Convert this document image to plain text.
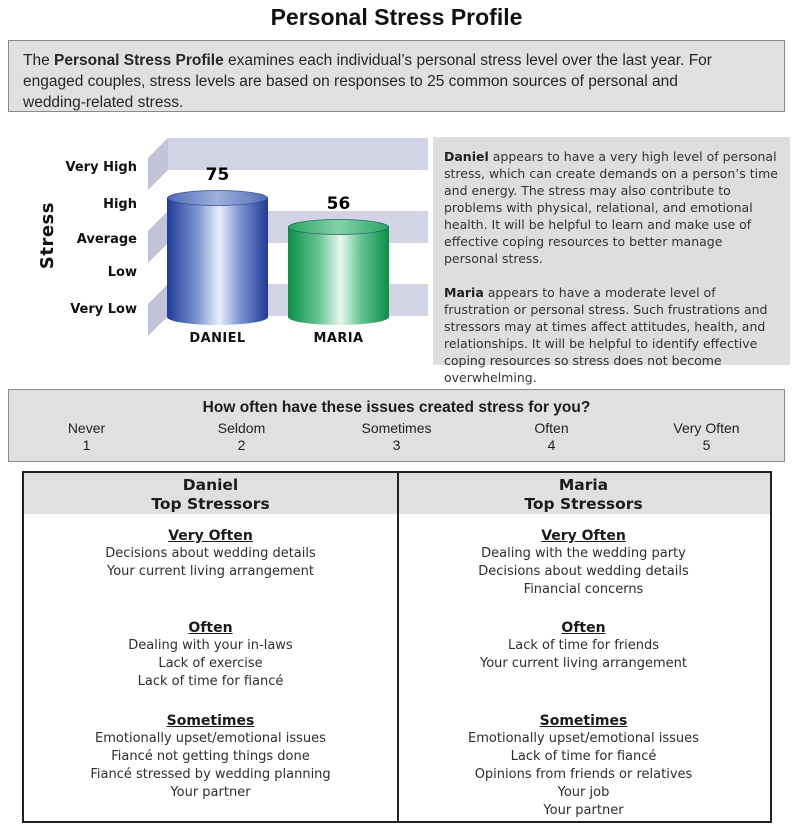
Personal Stress Profile

The Personal Stress Profile examines each individual’s personal stress level over the last year. For engaged couples, stress levels are based on responses to 25 common sources of personal and wedding-related stress.

Stress
Very High
High
Average
Low
Very Low
75
DANIEL
56
MARIA

Daniel appears to have a very high level of personal stress, which can create demands on a person’s time and energy. The stress may also contribute to problems with physical, relational, and emotional health. It will be helpful to learn and make use of effective coping resources to better manage personal stress.

Maria appears to have a moderate level of frustration or personal stress. Such frustrations and stressors may at times affect attitudes, health, and relationships. It will be helpful to identify effective coping resources so stress does not become overwhelming.

How often have these issues created stress for you?
Never
1
Seldom
2
Sometimes
3
Often
4
Very Often
5
Daniel
Top Stressors
Maria
Top Stressors
Very Often
Decisions about wedding details
Your current living arrangement
Often
Dealing with your in-laws
Lack of exercise
Lack of time for fiancé
Sometimes
Emotionally upset/emotional issues
Fiancé not getting things done
Fiancé stressed by wedding planning
Your partner
Very Often
Dealing with the wedding party
Decisions about wedding details
Financial concerns
Often
Lack of time for friends
Your current living arrangement
Sometimes
Emotionally upset/emotional issues
Lack of time for fiancé
Opinions from friends or relatives
Your job
Your partner
